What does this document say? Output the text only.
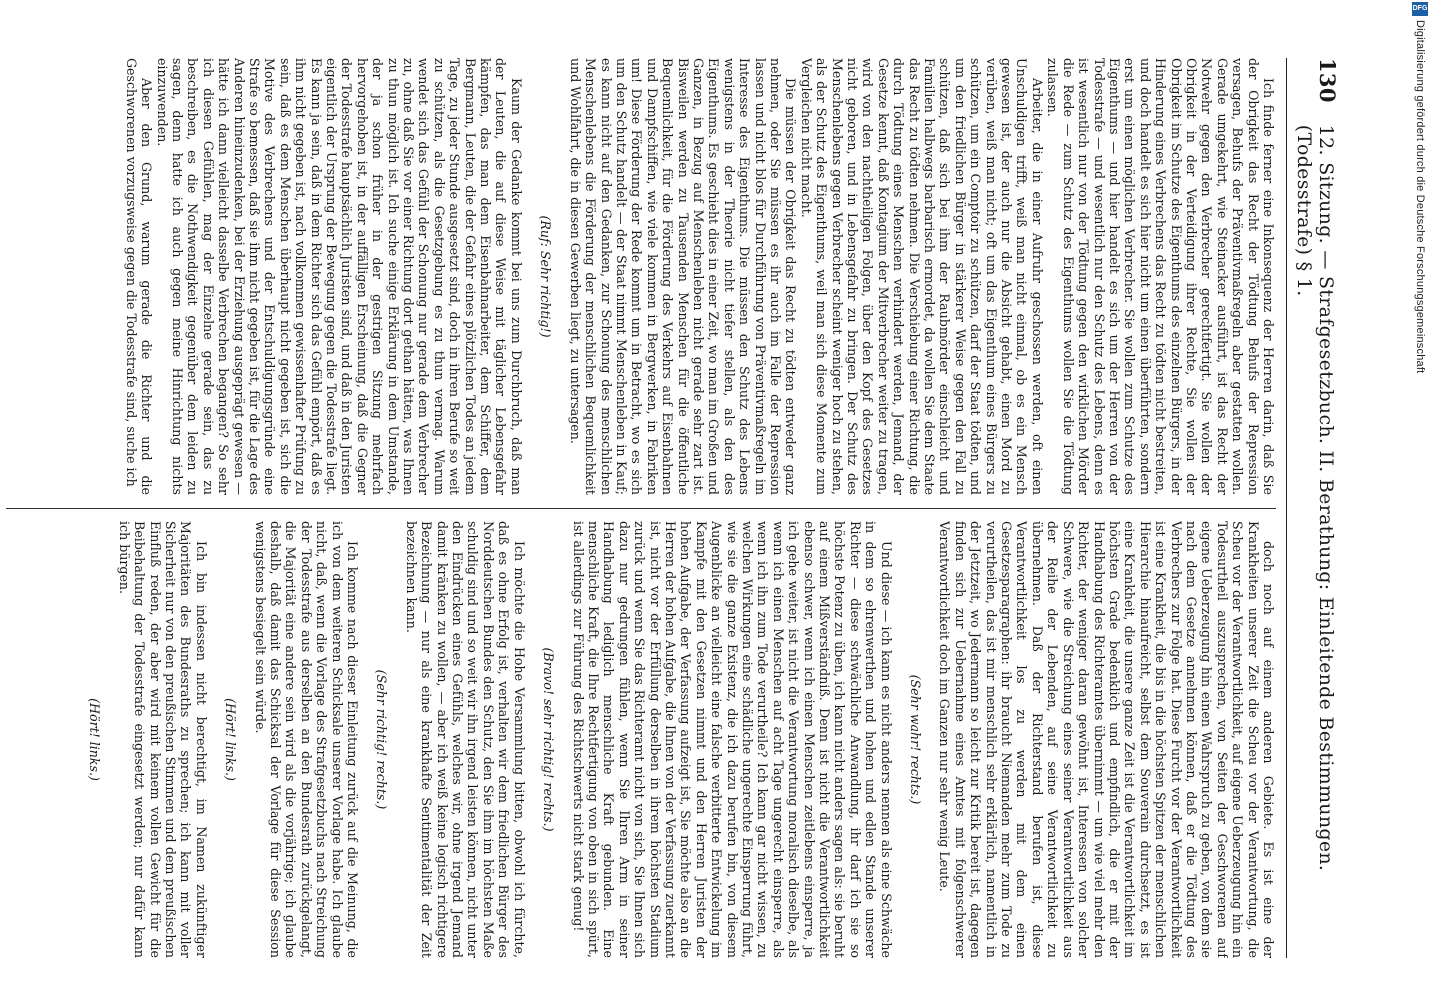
130
12. Sitzung. — Strafgesetzbuch. II. Berathung: Einleitende Bestimmungen. (Todesstrafe) § 1.

Ich finde ferner eine Inkonsequenz der Herren darin, daß Sie der Obrigkeit das Recht der Tödtung Behufs der Repression versagen, Behufs der Präventivmaßregeln aber gestatten wollen. Gerade umgekehrt, wie Steinacker ausführt, ist das Recht der Notwehr gegen den Verbrecher gerechtfertigt. Sie wollen der Obrigkeit in der Verteidigung ihrer Rechte, Sie wollen der Obrigkeit im Schutze des Eigenthums des einzelnen Bürgers, in der Hinderung eines Verbrechens das Recht zu tödten nicht bestreiten, und doch handelt es sich hier nicht um einen überführten, sondern erst um einen möglichen Verbrecher. Sie wollen zum Schutze des Eigenthums — und hier handelt es sich um der Herren von der Todesstrafe — und wesentlich nur den Schutz des Lebens, denn es ist wesentlich nur von der Tödtung gegen den wirklichen Mörder die Rede — zum Schutz des Eigenthums wollen Sie die Tödtung zulassen.

Arbeiter, die in einer Aufruhr geschossen werden, oft einen Unschuldigen trifft, weiß man nicht einmal, ob es ein Mensch gewesen ist, der auch nur die Absicht gehabt, einen Mord zu verüben, weiß man nicht; oft um das Eigenthum eines Bürgers zu schützen, um ein Comptoir zu schützen, darf der Staat tödten, und um den friedlichen Bürger in stärkerer Weise gegen den Fall zu schützen, daß sich bei ihm der Raubmörder einschleicht und Familien halbwegs barbarisch ermordet, da wollen Sie dem Staate das Recht zu tödten nehmen. Die Verschiebung einer Richtung, die durch Tödtung eines Menschen verhindert werden, Jemand, der Gesetze kennt, daß Kontagium der Mitverbrecher weiter zu tragen, wird von den nachtheiligen Folgen, über den Kopf des Gesetzes nicht geboren, und in Lebensgefahr zu bringen. Der Schutz des Menschenlebens gegen Verbrecher scheint weniger hoch zu stehen, als der Schutz des Eigenthums, weil man sich diese Momente zum Vergleichen nicht macht.

Die müssen der Obrigkeit das Recht zu tödten entweder ganz nehmen, oder Sie müssen es ihr auch im Falle der Repression lassen und nicht blos für Durchführung von Präventivmaßregeln im Interesse des Eigenthums. Die müssen den Schutz des Lebens wenigstens in der Theorie nicht tiefer stellen, als den des Eigenthums. Es geschieht dies in einer Zeit, wo man im Großen und Ganzen, in Bezug auf Menschenleben nicht gerade sehr zart ist. Bisweilen werden zu Tausenden Menschen für die öffentliche Bequemlichkeit, für die Förderung des Verkehrs auf Eisenbahnen und Dampfschiffen, wie viele kommen in Bergwerken, in Fabriken um! Diese Förderung der Rede kommt um in Betracht, wo es sich um den Schutz handelt — der Staat nimmt Menschenleben in Kauf; es kann nicht auf den Gedanken, zur Schonung des menschlichen Menschenlebens die Förderung der menschlichen Bequemlichkeit und Wohlfahrt, die in diesen Gewerben liegt, zu untersagen.

(Ruf: Sehr richtig!)

Kaum der Gedanke kommt bei uns zum Durchbruch, daß man der Leuten, die auf diese Weise mit täglicher Lebensgefahr kämpfen, das man dem Eisenbahnarbeiter, dem Schiffer, dem Bergmann, Leuten, die der Gefahr eines plötzlichen Todes an jedem Tage, zu jeder Stunde ausgesetzt sind, doch in ihren Berufe so weit zu schützen, als die Gesetzgebung es zu thun vermag. Warum wendet sich das Gefühl der Schonung nur gerade dem Verbrecher zu, ohne daß Sie vor einer Richtung dort gethan hätten, was Ihnen zu thun möglich ist. Ich suche einige Erklärung in dem Umstande, der ja schon früher in der gestrigen Sitzung mehrfach hervorgehoben ist, in der auffälligen Erscheinung, daß die Gegner der Todesstrafe hauptsächlich Juristen sind, und daß in den Juristen eigentlich der Ursprung der Bewegung gegen die Todesstrafe liegt. Es kann ja sein, daß in dem Richter sich das Gefühl empört, daß es ihm nicht gegeben ist, nach vollkommen gewissenhafter Prüfung zu sein, daß es dem Menschen überhaupt nicht gegeben ist, sich die Motive des Verbrechens und der Entschuldigungsgründe eine Strafe so bemessen, daß sie ihm nicht gegeben ist, für die Lage des Anderen hineinzudenken, bei der Erziehung ausgeprägt gewesen — hätte ich dann vielleicht dasselbe Verbrechen begangen? So sehr ich diesen Gefühlen, mag der Einzelne gerade sein, das zu beschreiben, es die Nothwendigkeit gegenüber dem leiden zu sagen, denn hatte ich auch gegen meine Hinrichtung nichts einzuwenden.

Aber den Grund, warum gerade die Richter und die Geschworenen vorzugsweise gegen die Todesstrafe sind, suche ich

doch noch auf einem anderen Gebiete. Es ist eine der Krankheiten unserer Zeit die Scheu vor der Verantwortung, die Scheu vor der Verantwortlichkeit, auf eigene Ueberzeugung hin ein Todesurtheil auszusprechen, von Seiten der Geschworenen auf eigene Ueberzeugung hin einen Wahrspruch zu geben, von dem sie nach dem Gesetze annehmen können, daß er die Tödtung des Verbrechers zur Folge hat. Diese Furcht vor der Verantwortlichkeit ist eine Krankheit, die bis in die höchsten Spitzen der menschlichen Hierarchie hinaufreicht, selbst dem Souverain durchsetzt, es ist eine Krankheit, die unsere ganze Zeit ist die Verantwortlichkeit im höchsten Grade bedenklich und empfindlich, die er mit der Handhabung des Richteramtes übernimmt — um wie viel mehr den Richter, der weniger daran gewöhnt ist, Interessen von solcher Schwere, wie die Streichung eines seiner Verantwortlichkeit aus der Reihe der Lebenden, auf seine Verantwortlichkeit zu übernehmen. Daß der Richterstand berufen ist, diese Verantwortlichkeit los zu werden mit dem einen Gesetzesparagraphen: ihr braucht Niemanden mehr zum Tode zu verurtheilen, das ist mir menschlich sehr erklärlich, namentlich in der Jetztzeit, wo Jedermann so leicht zur Kritik bereit ist, dagegen finden sich zur Uebernahme eines Amtes mit folgenschwerer Verantwortlichkeit doch im Ganzen nur sehr wenig Leute.

(Sehr wahr! rechts.)

Und diese — ich kann es nicht anders nennen als eine Schwäche in dem so ehrenwerthen und hohen und edlen Stande unserer Richter — diese schwächliche Anwandlung, ihr darf ich sie so höchste Potenz zu üben, ich kann nicht anders sagen als: sie beruht auf einem Mißverständniß. Denn ist nicht die Verantwortlichkeit ebenso schwer, wenn ich einen Menschen zeitlebens einsperre, ja ich gehe weiter, ist nicht die Verantwortung moralisch dieselbe, als wenn ich einen Menschen auf acht Tage ungerecht einsperre, als wenn ich ihn zum Tode verurtheile? Ich kann gar nicht wissen, zu welchen Wirkungen eine schädliche ungerechte Einsperrung führt, wie sie die ganze Existenz, die ich dazu berufen bin, von diesem Augenblicke an vielleicht eine falsche verbitterte Entwickelung im Kampfe mit den Gesetzen nimmt und den Herren Juristen der hohen Aufgabe, der Verfassung aufzeigt ist, Sie möchte also an die Herren der hohen Aufgabe, die Ihnen von der Verfassung zuerkannt ist, nicht vor der Erfüllung derselben in ihrem höchsten Stadium zurück und wenn Sie das Richteramt nicht von sich, Sie Ihnen sich dazu nur gedrungen fühlen, wenn Sie Ihren Arm in seiner Handhabung lediglich menschliche Kraft gebunden. Eine menschliche Kraft, die Ihre Rechtfertigung von oben in sich spürt, ist allerdings zur Führung des Richtschwerts nicht stark genug!

(Bravo! sehr richtig! rechts.)

Ich möchte die Hohe Versammlung bitten, obwohl ich fürchte, daß es ohne Erfolg ist, verhalten wir dem friedlichen Bürger des Norddeutschen Bundes den Schutz, den Sie ihm im höchsten Maße schuldig sind und so weit wir ihn irgend leisten können, nicht unter den Eindrücken eines Gefühls, welches wir, ohne irgend Jemand damit kränken zu wollen, — aber ich weiß keine logisch richtigere Bezeichnung — nur als eine krankhafte Sentimentalität der Zeit bezeichnen kann.

(Sehr richtig! rechts.)

Ich komme nach dieser Einleitung zurück auf die Meinung, die ich von dem weiteren Schicksale unserer Vorlage habe. Ich glaube nicht, daß, wenn die Vorlage des Strafgesetzbuchs nach Streichung der Todesstrafe aus derselben an den Bundesrath zurückgelangt, die Majorität eine andere sein wird als die vorjährige; ich glaube deshalb, daß damit das Schicksal der Vorlage für diese Session wenigstens besiegelt sein würde.

(Hört! links.)

Ich bin indessen nicht berechtigt, im Namen zukünftiger Majoritäten des Bundesraths zu sprechen; ich kann mit voller Sicherheit nur von den preußischen Stimmen und dem preußischen Einfluß reden, der aber wird mit keinem vollen Gewicht für die Beibehaltung der Todesstrafe eingesetzt werden; nur dafür kann ich bürgen.

(Hört! links.)

DFG
Digitalisierung gefördert durch die Deutsche Forschungsgemeinschaft
